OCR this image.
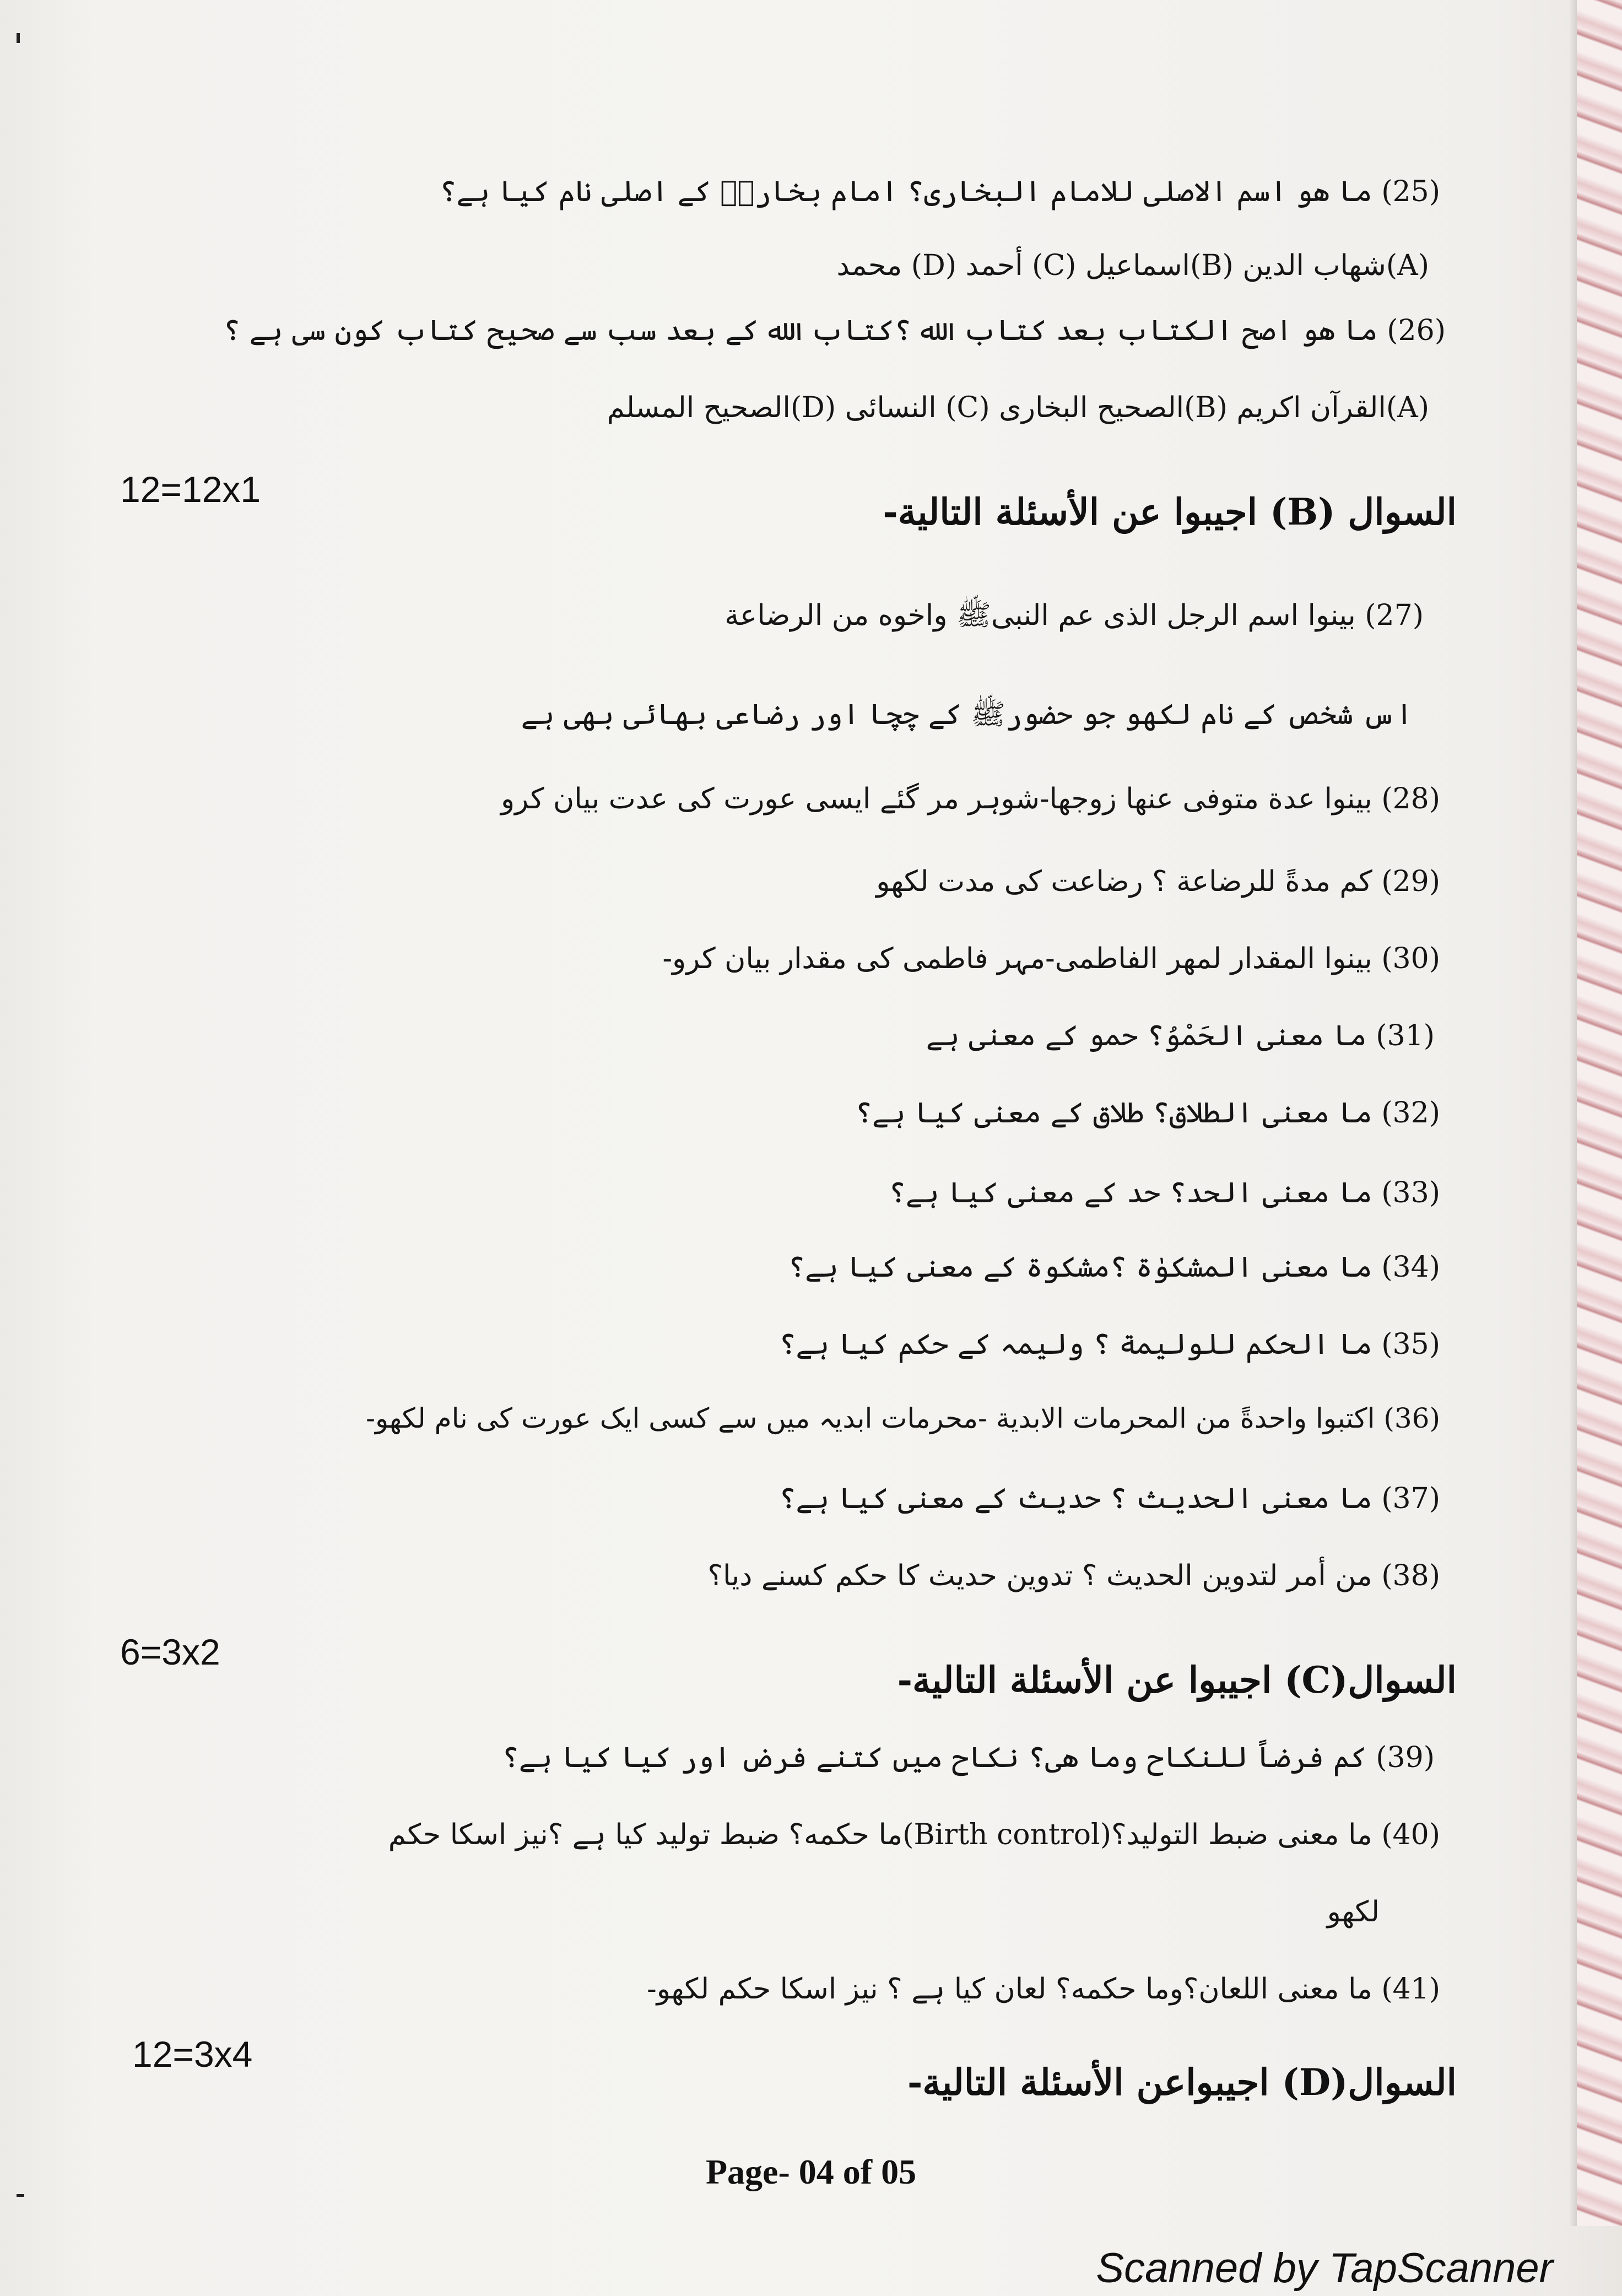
(25) ما هو اسم الاصلى للامام البخارى؟ امام بخاریؒ کے اصلی نام کیا ہے؟
(A)شهاب الدين (B)اسماعيل (C) أحمد (D) محمد
(26) ما هو اصح الكتاب بعد كتاب الله ؟كتاب الله کے بعد سب سے صحیح کتاب کون سی ہے ؟
(A)القرآن اكريم (B)الصحيح البخارى (C) النسائى (D)الصحيح المسلم
12=12x1
السوال (B) اجيبوا عن الأسئلة التالية-
(27) بينوا اسم الرجل الذى عم النبیﷺ واخوه من الرضاعة
اس شخص کے نام لکھو جو حضورﷺ کے چچا اور رضاعی بھائی بھی ہے
(28) بينوا عدة متوفى عنها زوجها-شوہر مر گئے ایسی عورت کی عدت بیان کرو
(29) كم مدةً للرضاعة ؟ رضاعت کی مدت لکھو
(30) بينوا المقدار لمهر الفاطمى-مہر فاطمی کی مقدار بیان کرو-
(31) ما معنى الحَمْوُ؟ حمو کے معنی ہے
(32) ما معنى الطلاق؟ طلاق کے معنی کیا ہے؟
(33) ما معنى الحد؟ حد کے معنی کیا ہے؟
(34) ما معنى المشكوٰة ؟مشکوۃ کے معنی کیا ہے؟
(35) ما الحكم للوليمة ؟ ولیمہ کے حکم کیا ہے؟
(36) اكتبوا واحدةً من المحرمات الابدية -محرمات ابدیہ میں سے کسی ایک عورت کی نام لکھو-
(37) ما معنى الحديث ؟ حدیث کے معنی کیا ہے؟
(38) من أمر لتدوين الحديث ؟ تدوین حدیث کا حکم کسنے دیا؟
6=3x2
السوال(C) اجيبوا عن الأسئلة التالية-
(39) كم فرضاً للنكاح وما هى؟ نکاح میں کتنے فرض اور کیا کیا ہے؟
(40) ما معنى ضبط التوليد؟(Birth control)ما حكمه؟ ضبط تولید کیا ہے ؟نیز اسکا حکم
لکھو
(41) ما معنى اللعان؟وما حكمه؟ لعان کیا ہے ؟ نیز اسکا حکم لکھو-
12=3x4
السوال(D) اجيبواعن الأسئلة التالية-
Page- 04 of 05
Scanned by TapScanner
